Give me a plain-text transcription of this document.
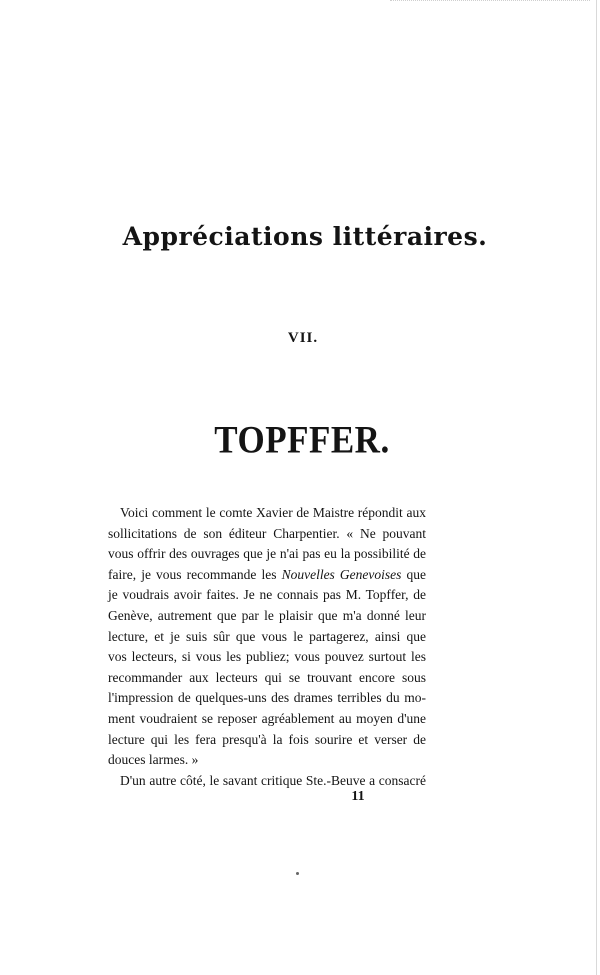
Appréciations littéraires.
VII.
TOPFFER.
Voici comment le comte Xavier de Maistre répondit aux
sollicitations de son éditeur Charpentier. « Ne pouvant
vous offrir des ouvrages que je n'ai pas eu la possibilité de
faire, je vous recommande les Nouvelles Genevoises que
je voudrais avoir faites. Je ne connais pas M. Topffer, de
Genève, autrement que par le plaisir que m'a donné leur
lecture, et je suis sûr que vous le partagerez, ainsi que
vos lecteurs, si vous les publiez; vous pouvez surtout les
recommander aux lecteurs qui se trouvant encore sous
l'impression de quelques-uns des drames terribles du mo-
ment voudraient se reposer agréablement au moyen d'une
lecture qui les fera presqu'à la fois sourire et verser de
douces larmes. »
D'un autre côté, le savant critique Ste.-Beuve a consacré
11
